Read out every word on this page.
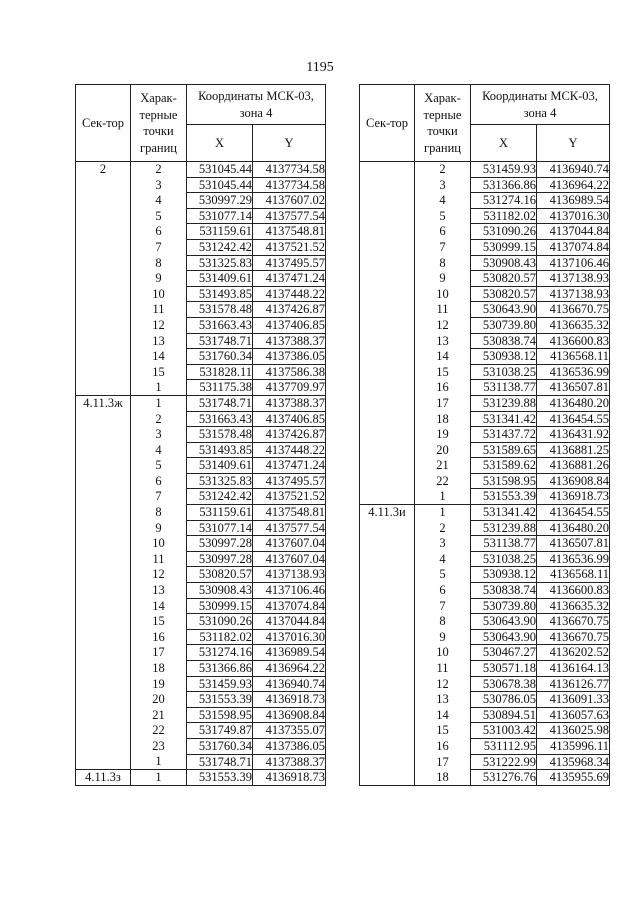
1195
Сек-тор	Харак-терные точки границ	Координаты МСК-03, зона 4	
		X	Y
2	2	531045.44	4137734.58
	3	531045.44	4137734.58
	4	530997.29	4137607.02
	5	531077.14	4137577.54
	6	531159.61	4137548.81
	7	531242.42	4137521.52
	8	531325.83	4137495.57
	9	531409.61	4137471.24
	10	531493.85	4137448.22
	11	531578.48	4137426.87
	12	531663.43	4137406.85
	13	531748.71	4137388.37
	14	531760.34	4137386.05
	15	531828.11	4137586.38
	1	531175.38	4137709.97
4.11.3ж	1	531748.71	4137388.37
	2	531663.43	4137406.85
	3	531578.48	4137426.87
	4	531493.85	4137448.22
	5	531409.61	4137471.24
	6	531325.83	4137495.57
	7	531242.42	4137521.52
	8	531159.61	4137548.81
	9	531077.14	4137577.54
	10	530997.28	4137607.04
	11	530997.28	4137607.04
	12	530820.57	4137138.93
	13	530908.43	4137106.46
	14	530999.15	4137074.84
	15	531090.26	4137044.84
	16	531182.02	4137016.30
	17	531274.16	4136989.54
	18	531366.86	4136964.22
	19	531459.93	4136940.74
	20	531553.39	4136918.73
	21	531598.95	4136908.84
	22	531749.87	4137355.07
	23	531760.34	4137386.05
	1	531748.71	4137388.37
4.11.3з	1	531553.39	4136918.73
Сек-тор	Харак-терные точки границ	Координаты МСК-03, зона 4	
		X	Y
	2	531459.93	4136940.74
	3	531366.86	4136964.22
	4	531274.16	4136989.54
	5	531182.02	4137016.30
	6	531090.26	4137044.84
	7	530999.15	4137074.84
	8	530908.43	4137106.46
	9	530820.57	4137138.93
	10	530820.57	4137138.93
	11	530643.90	4136670.75
	12	530739.80	4136635.32
	13	530838.74	4136600.83
	14	530938.12	4136568.11
	15	531038.25	4136536.99
	16	531138.77	4136507.81
	17	531239.88	4136480.20
	18	531341.42	4136454.55
	19	531437.72	4136431.92
	20	531589.65	4136881.25
	21	531589.62	4136881.26
	22	531598.95	4136908.84
	1	531553.39	4136918.73
4.11.3и	1	531341.42	4136454.55
	2	531239.88	4136480.20
	3	531138.77	4136507.81
	4	531038.25	4136536.99
	5	530938.12	4136568.11
	6	530838.74	4136600.83
	7	530739.80	4136635.32
	8	530643.90	4136670.75
	9	530643.90	4136670.75
	10	530467.27	4136202.52
	11	530571.18	4136164.13
	12	530678.38	4136126.77
	13	530786.05	4136091.33
	14	530894.51	4136057.63
	15	531003.42	4136025.98
	16	531112.95	4135996.11
	17	531222.99	4135968.34
	18	531276.76	4135955.69
